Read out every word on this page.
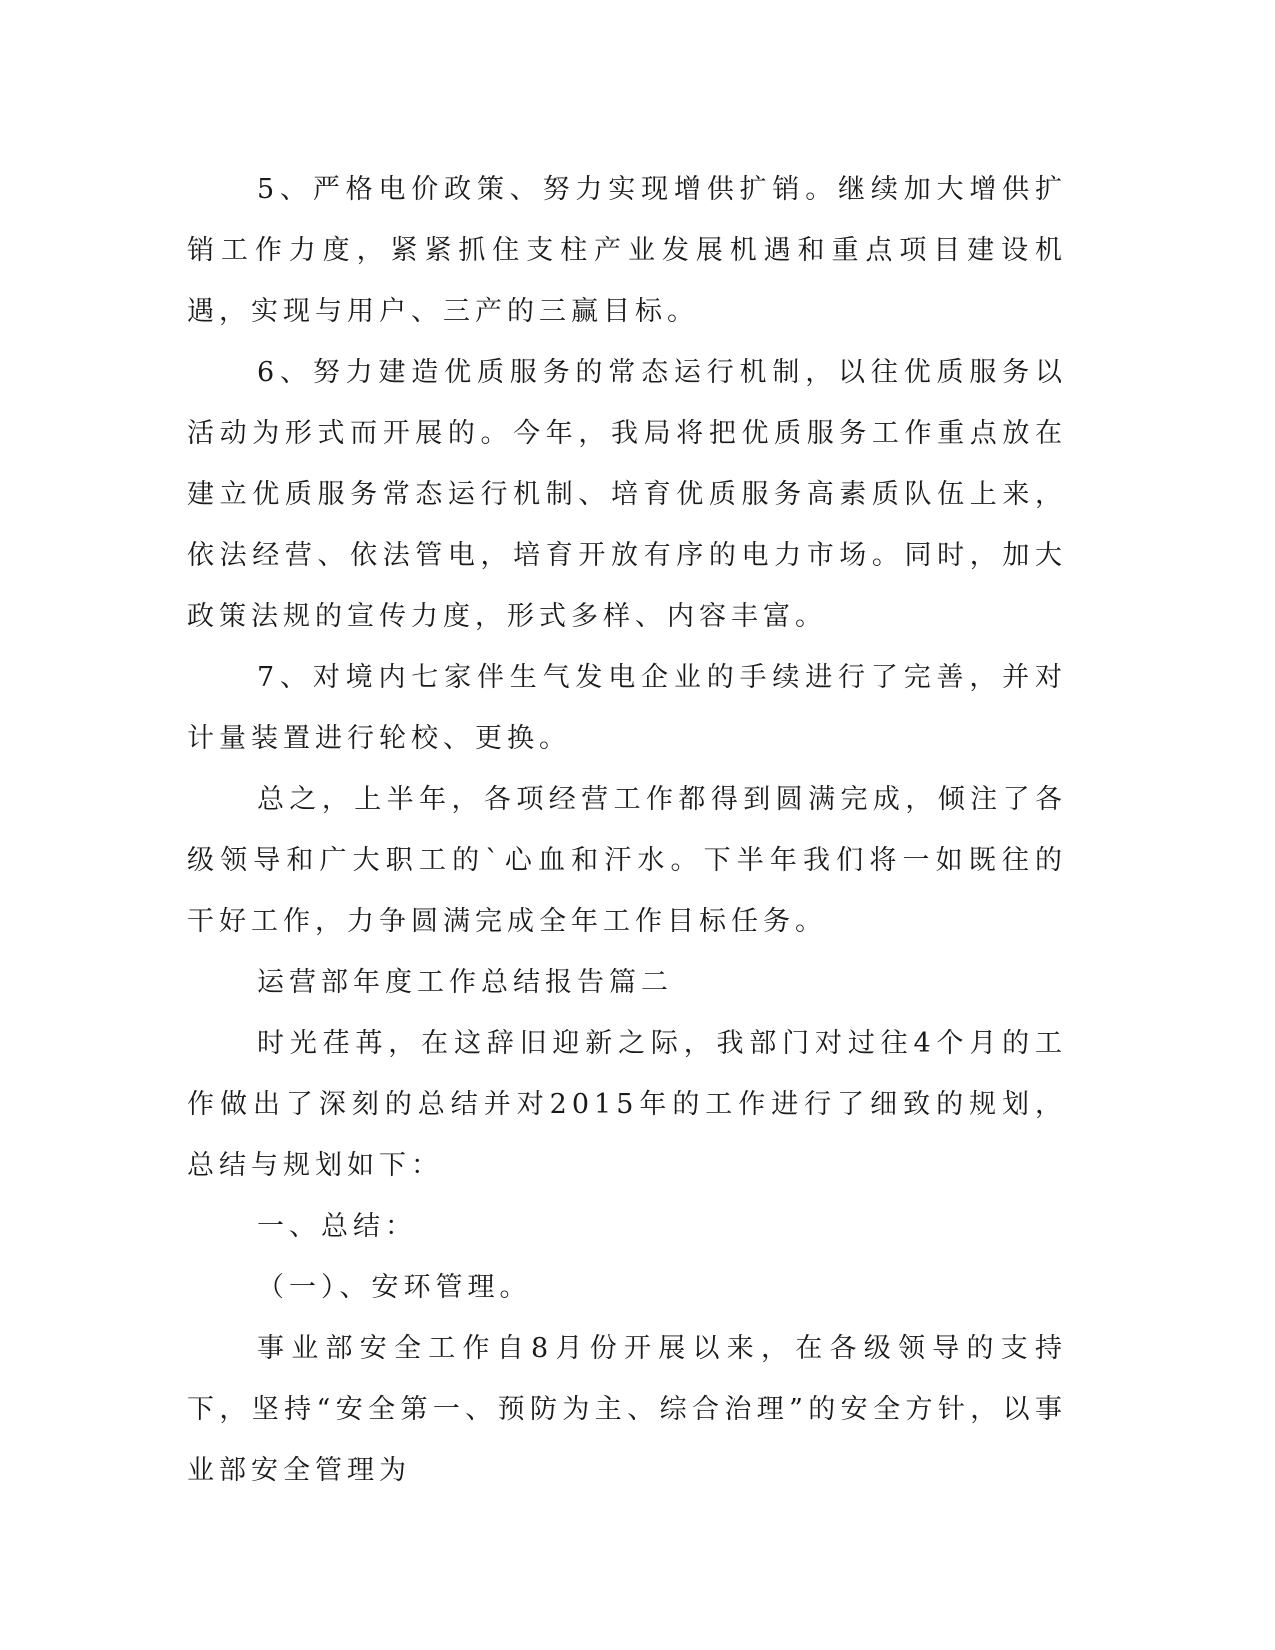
5、严格电价政策、努力实现增供扩销。继续加大增供扩销工作力度，紧紧抓住支柱产业发展机遇和重点项目建设机遇，实现与用户、三产的三赢目标。

6、努力建造优质服务的常态运行机制，以往优质服务以活动为形式而开展的。今年，我局将把优质服务工作重点放在建立优质服务常态运行机制、培育优质服务高素质队伍上来，依法经营、依法管电，培育开放有序的电力市场。同时，加大政策法规的宣传力度，形式多样、内容丰富。

7、对境内七家伴生气发电企业的手续进行了完善，并对计量装置进行轮校、更换。

总之，上半年，各项经营工作都得到圆满完成，倾注了各级领导和广大职工的`心血和汗水。下半年我们将一如既往的干好工作，力争圆满完成全年工作目标任务。

运营部年度工作总结报告篇二

时光荏苒，在这辞旧迎新之际，我部门对过往4个月的工作做出了深刻的总结并对2015年的工作进行了细致的规划，总结与规划如下：

一、总结：

（一）、安环管理。

事业部安全工作自8月份开展以来，在各级领导的支持下，坚持“安全第一、预防为主、综合治理”的安全方针，以事业部安全管理为
